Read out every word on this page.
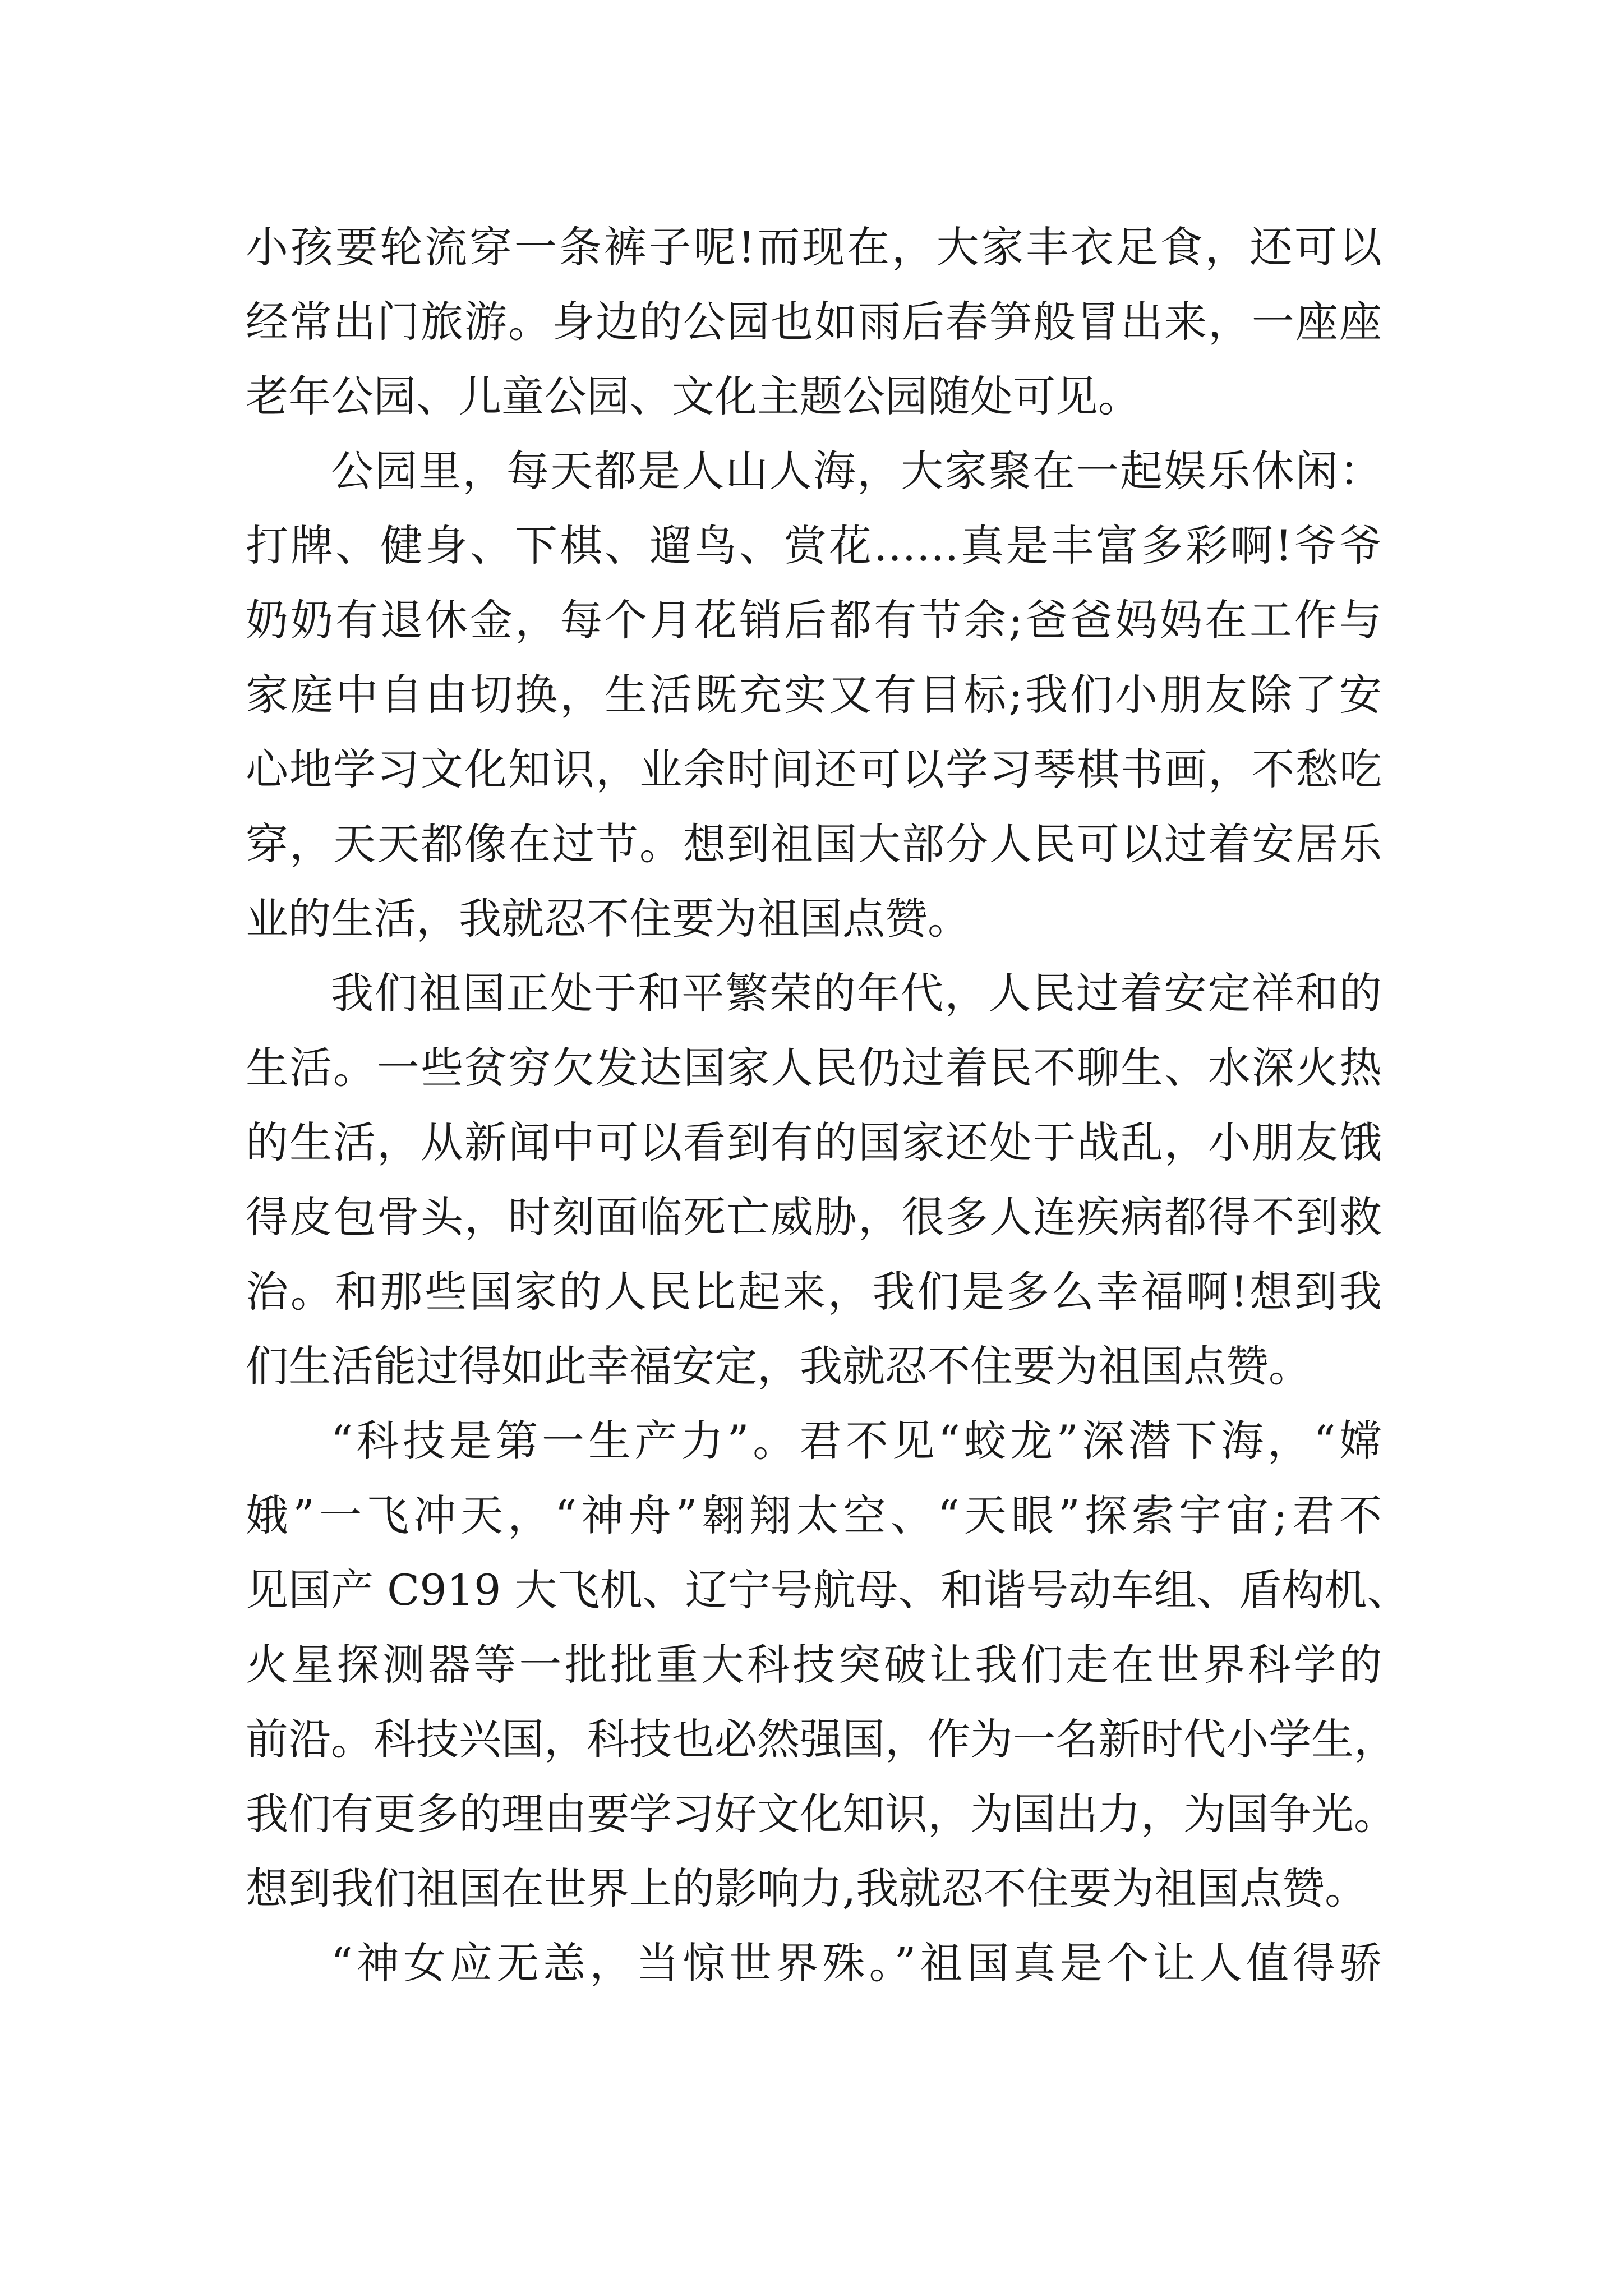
小孩要轮流穿一条裤子呢!而现在，大家丰衣足食，还可以
经常出门旅游。身边的公园也如雨后春笋般冒出来，一座座
老年公园、儿童公园、文化主题公园随处可见。
公园里，每天都是人山人海，大家聚在一起娱乐休闲：
打牌、健身、下棋、遛鸟、赏花……真是丰富多彩啊!爷爷
奶奶有退休金，每个月花销后都有节余;爸爸妈妈在工作与
家庭中自由切换，生活既充实又有目标;我们小朋友除了安
心地学习文化知识，业余时间还可以学习琴棋书画，不愁吃
穿，天天都像在过节。想到祖国大部分人民可以过着安居乐
业的生活，我就忍不住要为祖国点赞。
我们祖国正处于和平繁荣的年代，人民过着安定祥和的
生活。一些贫穷欠发达国家人民仍过着民不聊生、水深火热
的生活，从新闻中可以看到有的国家还处于战乱，小朋友饿
得皮包骨头，时刻面临死亡威胁，很多人连疾病都得不到救
治。和那些国家的人民比起来，我们是多么幸福啊!想到我
们生活能过得如此幸福安定，我就忍不住要为祖国点赞。
“科技是第一生产力”。君不见“蛟龙”深潜下海，“嫦
娥”一飞冲天，“神舟”翱翔太空、“天眼”探索宇宙;君不
见国产 C919 大飞机、辽宁号航母、和谐号动车组、盾构机、
火星探测器等一批批重大科技突破让我们走在世界科学的
前沿。科技兴国，科技也必然强国，作为一名新时代小学生，
我们有更多的理由要学习好文化知识，为国出力，为国争光。
想到我们祖国在世界上的影响力,我就忍不住要为祖国点赞。
“神女应无恙，当惊世界殊。”祖国真是个让人值得骄
